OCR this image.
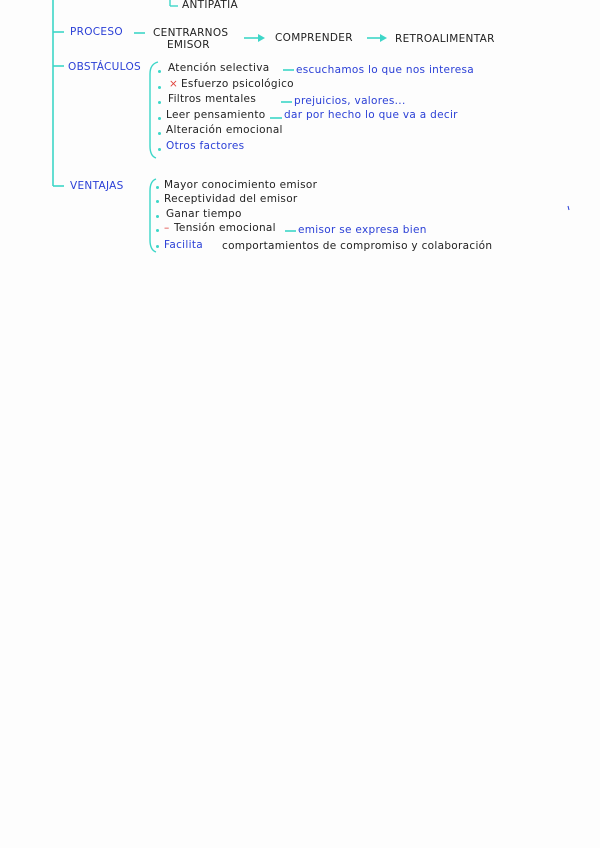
ANTIPATÍA
PROCESO	CENTRARNOS
EMISOR
COMPRENDER	RETROALIMENTAR
OBSTÁCULOS	Atención selectiva	escuchamos lo que nos interesa
× Esfuerzo psicológico
Filtros mentales	prejuicios, valores...
Leer pensamiento dar por hecho lo que va a decir
Alteración emocional
Otros factores
VENTAJAS	Mayor conocimiento emisor
Receptividad del emisor
Ganar tiempo
– Tensión emocional emisor se expresa bien
Facilita comportamientos de compromiso y colaboración
